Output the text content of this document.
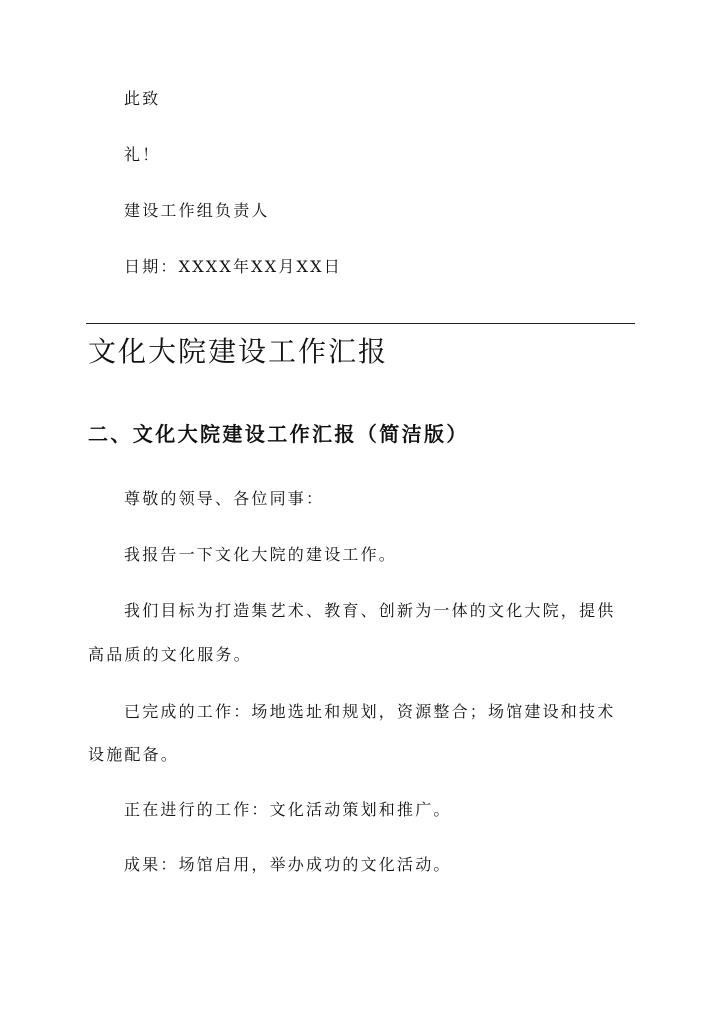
此致
礼！
建设工作组负责人
日期：XXXX年XX月XX日
文化大院建设工作汇报
二、文化大院建设工作汇报（简洁版）
尊敬的领导、各位同事：
我报告一下文化大院的建设工作。
我们目标为打造集艺术、教育、创新为一体的文化大院，提供
高品质的文化服务。
已完成的工作：场地选址和规划，资源整合；场馆建设和技术
设施配备。
正在进行的工作：文化活动策划和推广。
成果：场馆启用，举办成功的文化活动。
